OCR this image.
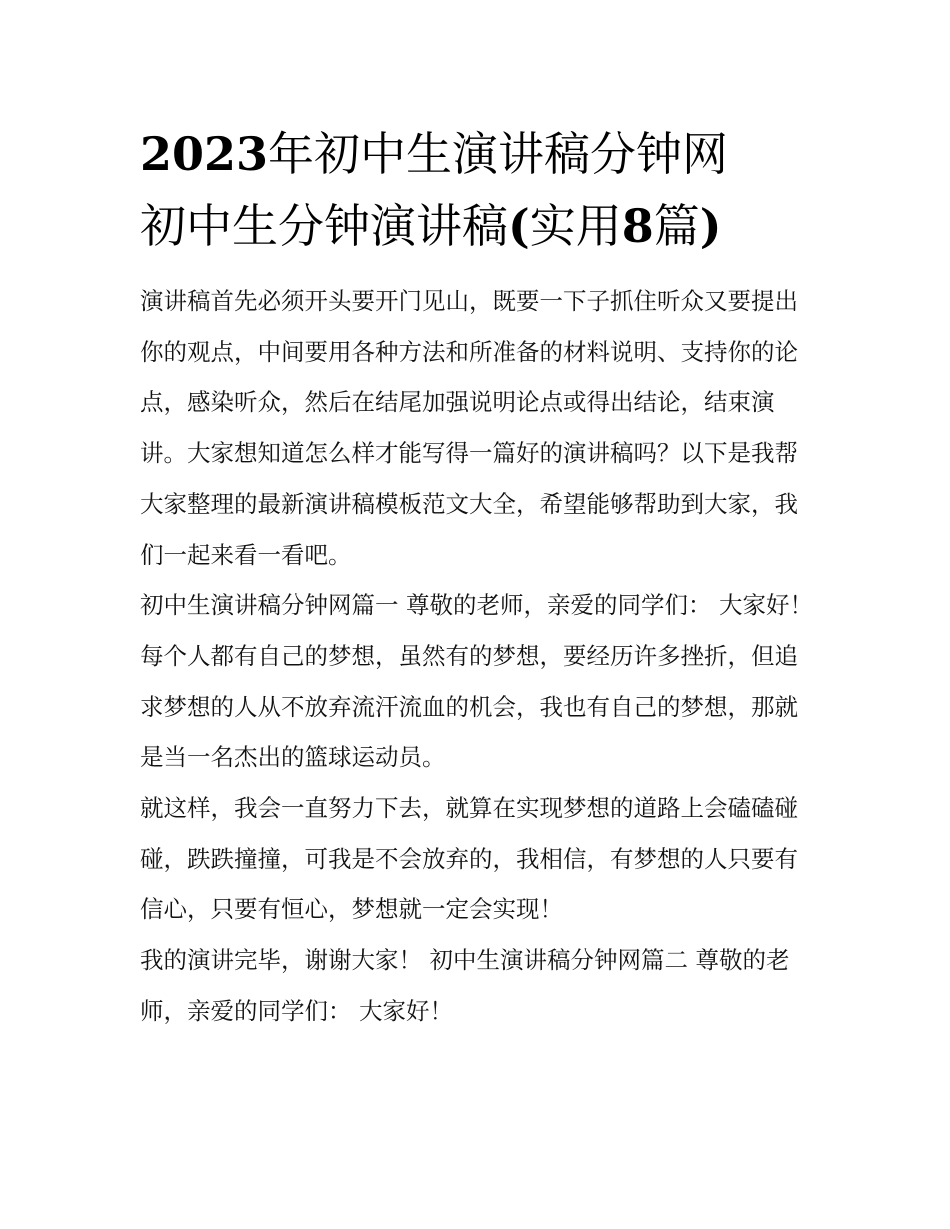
2023年初中生演讲稿分钟网
初中生分钟演讲稿(实用8篇)

演讲稿首先必须开头要开门见山，既要一下子抓住听众又要提出你的观点，中间要用各种方法和所准备的材料说明、支持你的论点，感染听众，然后在结尾加强说明论点或得出结论，结束演讲。大家想知道怎么样才能写得一篇好的演讲稿吗？以下是我帮大家整理的最新演讲稿模板范文大全，希望能够帮助到大家，我们一起来看一看吧。

初中生演讲稿分钟网篇一 尊敬的老师，亲爱的同学们： 大家好！

每个人都有自己的梦想，虽然有的梦想，要经历许多挫折，但追求梦想的人从不放弃流汗流血的机会，我也有自己的梦想，那就是当一名杰出的篮球运动员。

就这样，我会一直努力下去，就算在实现梦想的道路上会磕磕碰碰，跌跌撞撞，可我是不会放弃的，我相信，有梦想的人只要有信心，只要有恒心，梦想就一定会实现！

我的演讲完毕，谢谢大家！ 初中生演讲稿分钟网篇二 尊敬的老师，亲爱的同学们： 大家好！
